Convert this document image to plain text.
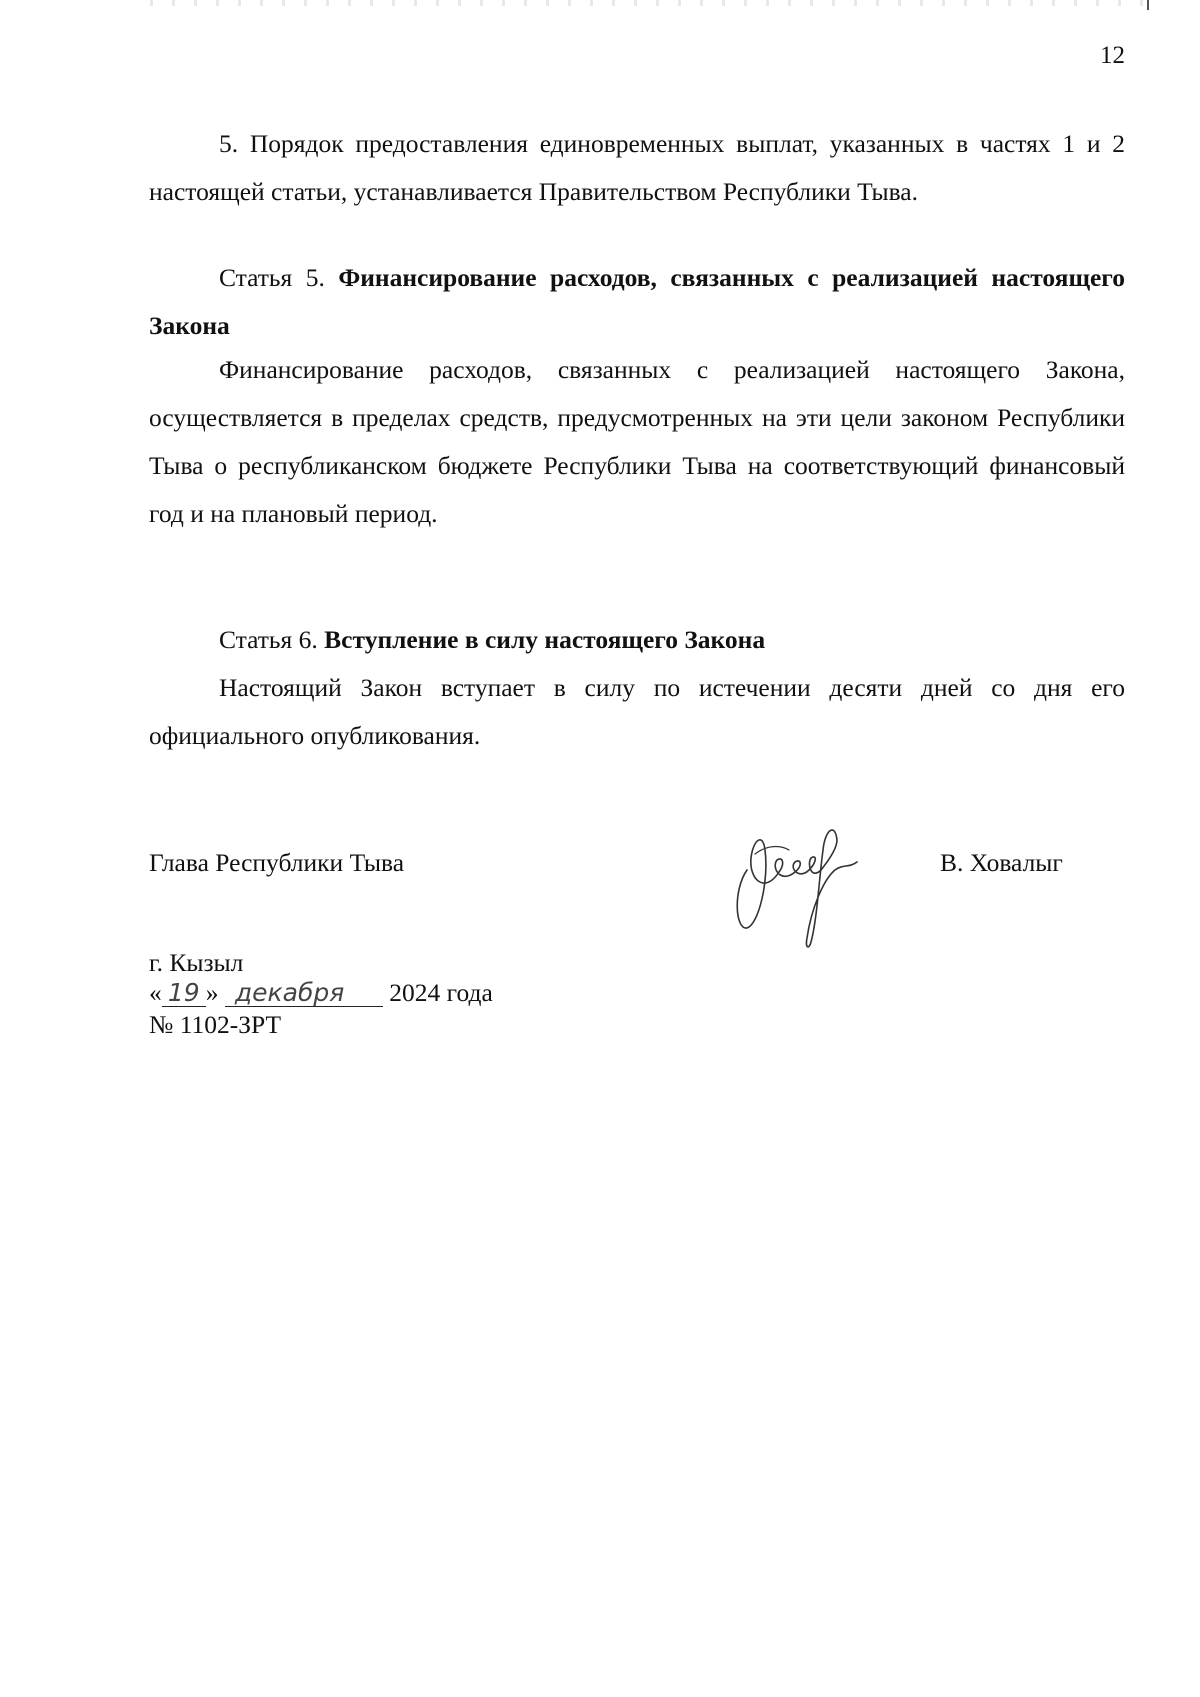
12

5. Порядок предоставления единовременных выплат, указанных в частях 1 и 2 настоящей статьи, устанавливается Правительством Республики Тыва.

Статья 5. Финансирование расходов, связанных с реализацией настоящего Закона

Финансирование расходов, связанных с реализацией настоящего Закона, осуществляется в пределах средств, предусмотренных на эти цели законом Республики Тыва о республиканском бюджете Республики Тыва на соответствующий финансовый год и на плановый период.

Статья 6. Вступление в силу настоящего Закона

Настоящий Закон вступает в силу по истечении десяти дней со дня его официального опубликования.

Глава Республики Тыва	В. Ховалыг
г. Кызыл
« 19 » декабря 2024 года
№ 1102-ЗРТ
